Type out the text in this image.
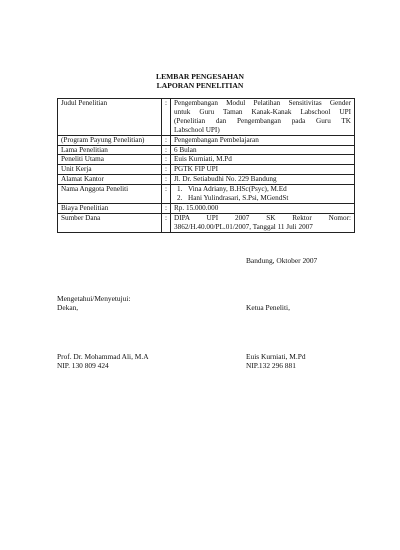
LEMBAR PENGESAHAN
LAPORAN PENELITIAN
Judul Penelitian	:	Pengembangan Modul Pelatihan Sensitivitas Gender
untuk Guru Taman Kanak-Kanak Labschool UPI
(Penelitian dan Pengembangan pada Guru TK
Labschool UPI)

(Program Payung Penelitian)	:	Pengembangan Pembelajaran
Lama Penelitian	:	6 Bulan
Peneliti Utama	:	Euis Kurniati, M.Pd
Unit Kerja	:	PGTK FIP UPI
Alamat Kantor	:	Jl. Dr. Setiabudhi No. 229 Bandung
Nama Anggota Peneliti	:	1. Vina Adriany, B.HSc(Psyc), M.Ed
2. Hani Yulindrasari, S.Psi, MGendSt

Biaya Penelitian	:	Rp. 15.000.000
Sumber Dana	:	DIPA UPI 2007 SK Rektor Nomor:
3862/H.40.00/PL.01/2007, Tanggal 11 Juli 2007
Bandung, Oktober 2007
Mengetahui/Menyetujui:
Dekan,	Ketua Peneliti,
Prof. Dr. Mohammad Ali, M.A
NIP. 130 809 424
Euis Kurniati, M.Pd
NIP.132 296 881
